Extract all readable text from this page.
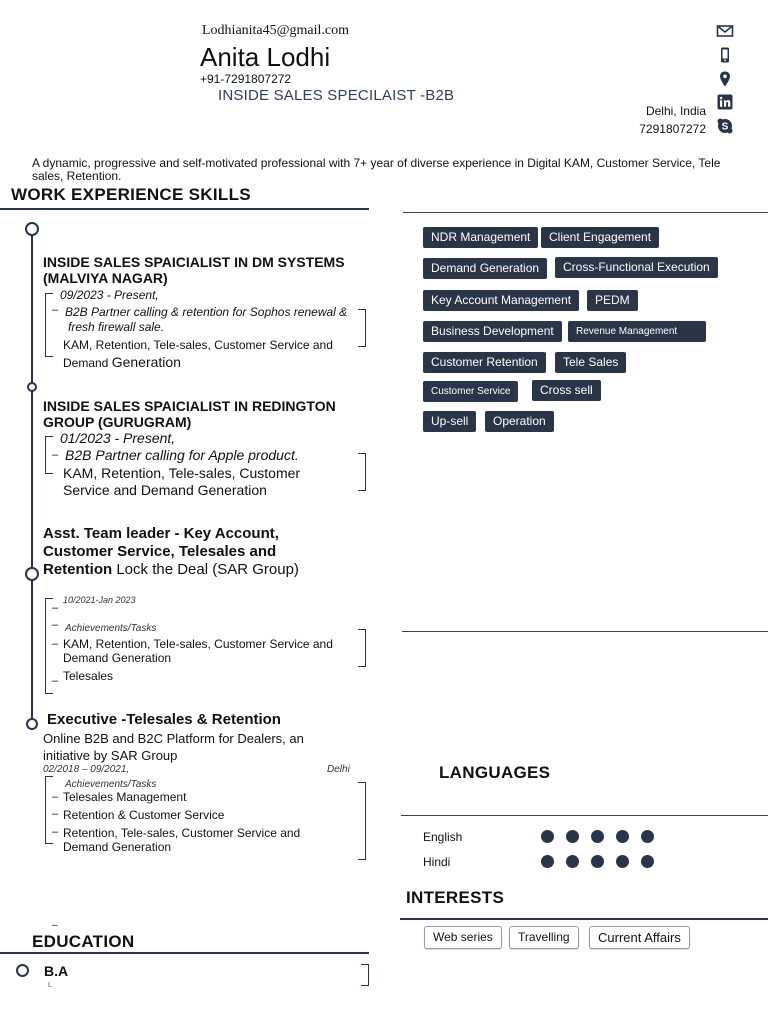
Lodhianita45@gmail.com
Anita Lodhi
+91-7291807272
INSIDE SALES SPECILAIST -B2B
Delhi, India
7291807272 S
A dynamic, progressive and self-motivated professional with 7+ year of diverse experience in Digital KAM, Customer Service, Tele sales, Retention.
WORK EXPERIENCE SKILLS
INSIDE SALES SPAICIALIST IN DM SYSTEMS
(MALVIYA NAGAR)
–
09/2023 - Present,
B2B Partner calling & retention for Sophos renewal &
fresh firewall sale.
KAM, Retention, Tele-sales, Customer Service and
Demand Generation
INSIDE SALES SPAICIALIST IN REDINGTON
GROUP (GURUGRAM)
–
01/2023 - Present,
B2B Partner calling for Apple product.
KAM, Retention, Tele-sales, Customer
Service and Demand Generation
Asst. Team leader - Key Account,
Customer Service, Telesales and
Retention Lock the Deal (SAR Group)
10/2021-Jan 2023
–
– Achievements/Tasks
– KAM, Retention, Tele-sales, Customer Service and
Demand Generation
– Telesales
Executive -Telesales & Retention
Online B2B and B2C Platform for Dealers, an
initiative by SAR Group
02/2018 – 09/2021,	Delhi
Achievements/Tasks
– Telesales Management
– Retention & Customer Service
– Retention, Tele-sales, Customer Service and
Demand Generation
NDR Management	Client Engagement
Demand Generation	Cross-Functional Execution
Key Account Management	PEDM
Business Development	Revenue Management
Customer Retention	Tele Sales
Customer Service	Cross sell
Up-sell	Operation
LANGUAGES
English
Hindi
INTERESTS
Web series	Travelling	Current Affairs
–
EDUCATION
B.A
L
